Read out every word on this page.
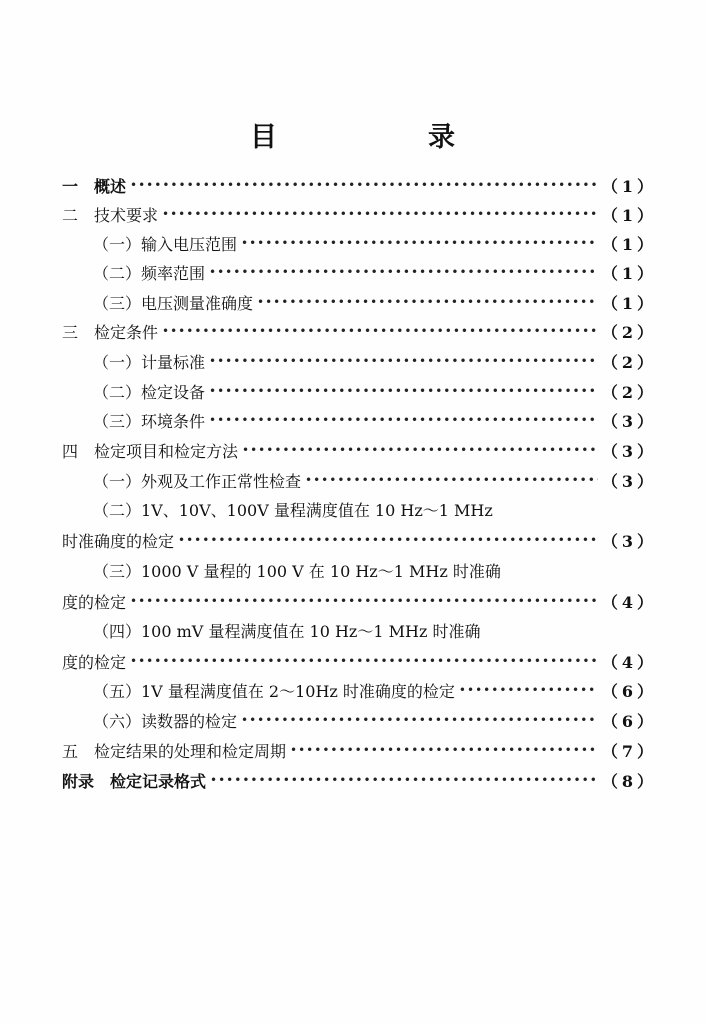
目　录
一　概述 •••••	（1）
二　技术要求 •••••	（1）
（一）输入电压范围 •••••	（1）
（二）频率范围 •••••	（1）
（三）电压测量准确度 •••••	（1）
三　检定条件 •••••	（2）
（一）计量标准 •••••	（2）
（二）检定设备 •••••	（2）
（三）环境条件 •••••	（3）
四　检定项目和检定方法 •••••	（3）
（一）外观及工作正常性检查 •••••	（3）
（二）1V、10V、100V 量程满度值在 10 Hz～1 MHz
时准确度的检定 •••••	（3）
（三）1000 V 量程的 100 V 在 10 Hz～1 MHz 时准确
度的检定 •••••	（4）
（四）100 mV 量程满度值在 10 Hz～1 MHz 时准确
度的检定 •••••	（4）
（五）1V 量程满度值在 2～10Hz 时准确度的检定 •••••	（6）
（六）读数器的检定 •••••	（6）
五　检定结果的处理和检定周期 •••••	（7）
附录　检定记录格式 •••••	（8）
